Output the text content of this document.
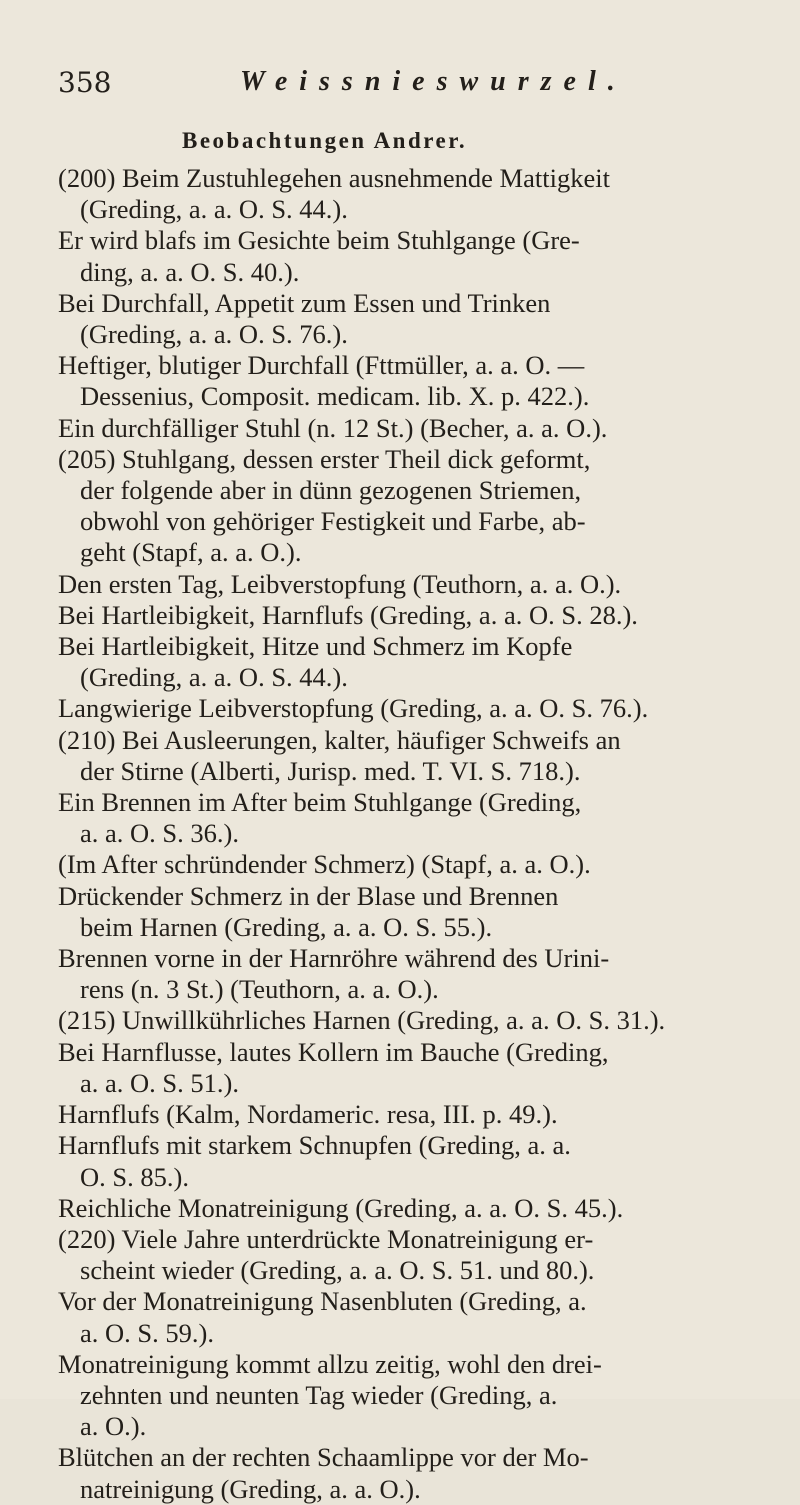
358	Weissnieswurzel.
Beobachtungen Andrer.
(200) Beim Zustuhlegehen ausnehmende Mattigkeit
(Greding, a. a. O. S. 44.).
Er wird blafs im Gesichte beim Stuhlgange (Gre-
ding, a. a. O. S. 40.).
Bei Durchfall, Appetit zum Essen und Trinken
(Greding, a. a. O. S. 76.).
Heftiger, blutiger Durchfall (Fttmüller, a. a. O. —
Dessenius, Composit. medicam. lib. X. p. 422.).
Ein durchfälliger Stuhl (n. 12 St.) (Becher, a. a. O.).
(205) Stuhlgang, dessen erster Theil dick geformt,
der folgende aber in dünn gezogenen Striemen,
obwohl von gehöriger Festigkeit und Farbe, ab-
geht (Stapf, a. a. O.).
Den ersten Tag, Leibverstopfung (Teuthorn, a. a. O.).
Bei Hartleibigkeit, Harnflufs (Greding, a. a. O. S. 28.).
Bei Hartleibigkeit, Hitze und Schmerz im Kopfe
(Greding, a. a. O. S. 44.).
Langwierige Leibverstopfung (Greding, a. a. O. S. 76.).
(210) Bei Ausleerungen, kalter, häufiger Schweifs an
der Stirne (Alberti, Jurisp. med. T. VI. S. 718.).
Ein Brennen im After beim Stuhlgange (Greding,
a. a. O. S. 36.).
(Im After schründender Schmerz) (Stapf, a. a. O.).
Drückender Schmerz in der Blase und Brennen
beim Harnen (Greding, a. a. O. S. 55.).
Brennen vorne in der Harnröhre während des Urini-
rens (n. 3 St.) (Teuthorn, a. a. O.).
(215) Unwillkührliches Harnen (Greding, a. a. O. S. 31.).
Bei Harnflusse, lautes Kollern im Bauche (Greding,
a. a. O. S. 51.).
Harnflufs (Kalm, Nordameric. resa, III. p. 49.).
Harnflufs mit starkem Schnupfen (Greding, a. a.
O. S. 85.).
Reichliche Monatreinigung (Greding, a. a. O. S. 45.).
(220) Viele Jahre unterdrückte Monatreinigung er-
scheint wieder (Greding, a. a. O. S. 51. und 80.).
Vor der Monatreinigung Nasenbluten (Greding, a.
a. O. S. 59.).
Monatreinigung kommt allzu zeitig, wohl den drei-
zehnten und neunten Tag wieder (Greding, a.
a. O.).
Blütchen an der rechten Schaamlippe vor der Mo-
natreinigung (Greding, a. a. O.).
